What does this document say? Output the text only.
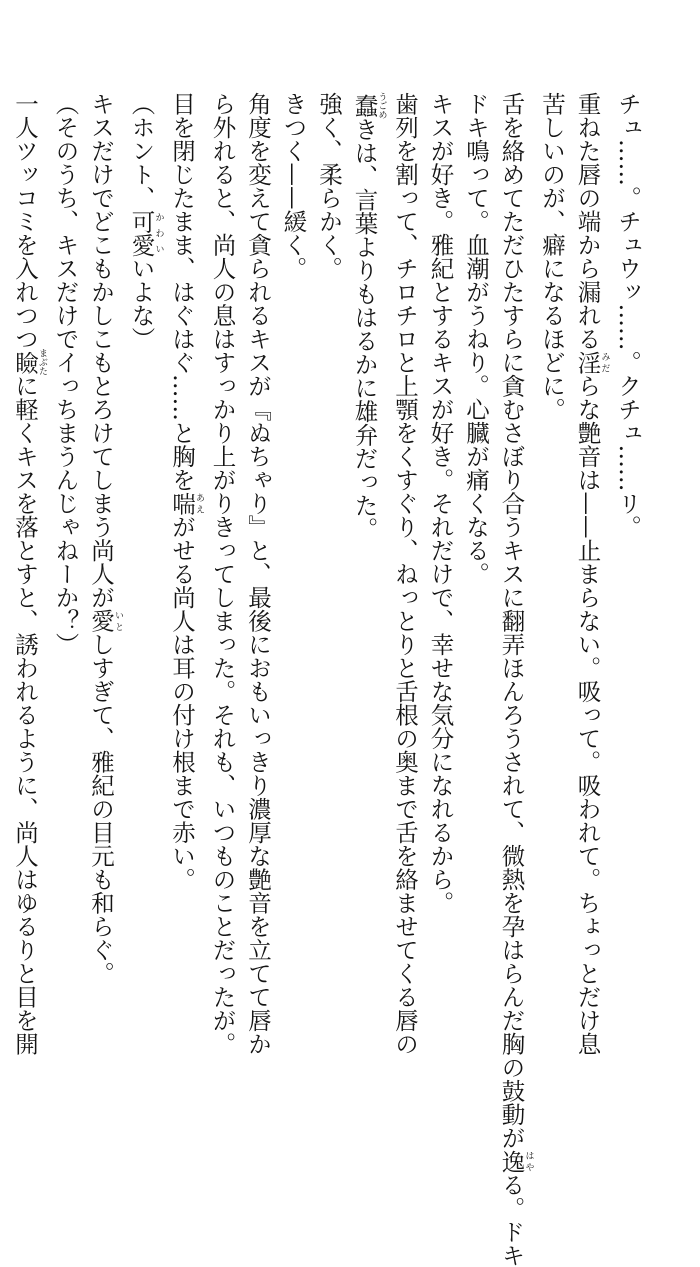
チュ……。チュウッ……。クチュ……リ。
重ねた唇の端から漏れる淫みだらな艶音は——止まらない。吸って。吸われて。ちょっとだけ息
苦しいのが、癖になるほどに。
舌を絡めてただひたすらに貪むさぼり合うキスに翻弄ほんろうされて、微熱を孕はらんだ胸の鼓動が逸はやる。ドキ
ドキ鳴って。血潮がうねり。心臓が痛くなる。
キスが好き。雅紀とするキスが好き。それだけで、幸せな気分になれるから。
歯列を割って、チロチロと上顎をくすぐり、ねっとりと舌根の奥まで舌を絡ませてくる唇の
蠢うごめきは、言葉よりもはるかに雄弁だった。
強く、柔らかく。
きつく——緩く。
角度を変えて貪られるキスが『ぬちゃり』と、最後におもいっきり濃厚な艶音を立てて唇か
ら外れると、尚人の息はすっかり上がりきってしまった。それも、いつものことだったが。
目を閉じたまま、はぐはぐ……と胸を喘あえがせる尚人は耳の付け根まで赤い。
（ホント、可愛かわいいよな）
キスだけでどこもかしこもとろけてしまう尚人が愛いとしすぎて、雅紀の目元も和らぐ。
（そのうち、キスだけでイっちまうんじゃねーか？）
一人ツッコミを入れつつ瞼まぶたに軽くキスを落とすと、誘われるように、尚人はゆるりと目を開
